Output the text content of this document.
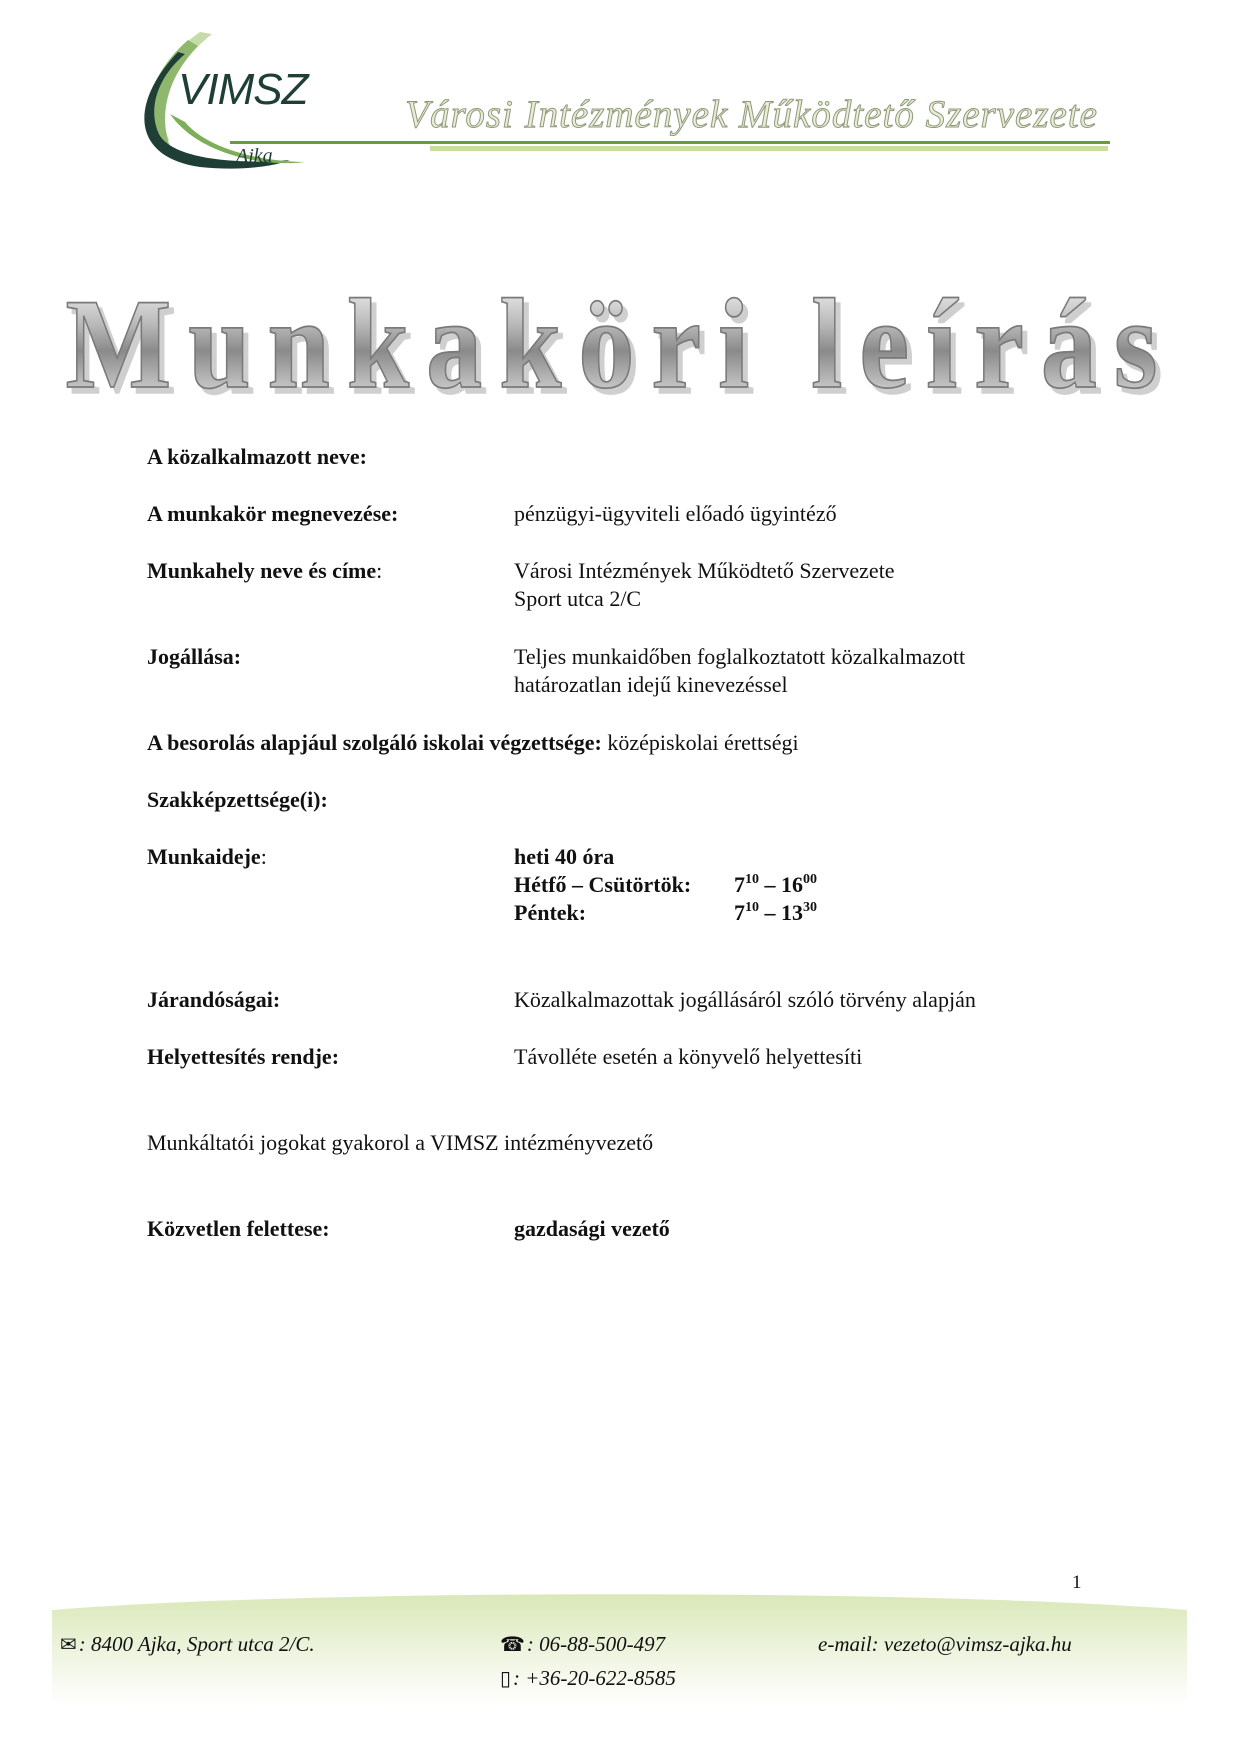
VIMSZ
Ajka
Városi Intézmények Működtető Szervezete
Munkaköri leírás
A közalkalmazott neve:
A munkakör megnevezése:	pénzügyi-ügyviteli előadó ügyintéző
Munkahely neve és címe:	Városi Intézmények Működtető Szervezete
Sport utca 2/C
Jogállása:	Teljes munkaidőben foglalkoztatott közalkalmazott
határozatlan idejű kinevezéssel
A besorolás alapjául szolgáló iskolai végzettsége: középiskolai érettségi
Szakképzettsége(i):
Munkaideje:	heti 40 óra
Hétfő – Csütörtök:	$7^{10} - 16^{00}$
Péntek:	$7^{10} - 13^{30}$
Járandóságai:	Közalkalmazottak jogállásáról szóló törvény alapján
Helyettesítés rendje:	Távolléte esetén a könyvelő helyettesíti
Munkáltatói jogokat gyakorol a VIMSZ intézményvezető
Közvetlen felettese:	gazdasági vezető
1
✉: 8400 Ajka, Sport utca 2/C.	☎: 06-88-500-497
▯: +36-20-622-8585
e-mail: vezeto@vimsz-ajka.hu
